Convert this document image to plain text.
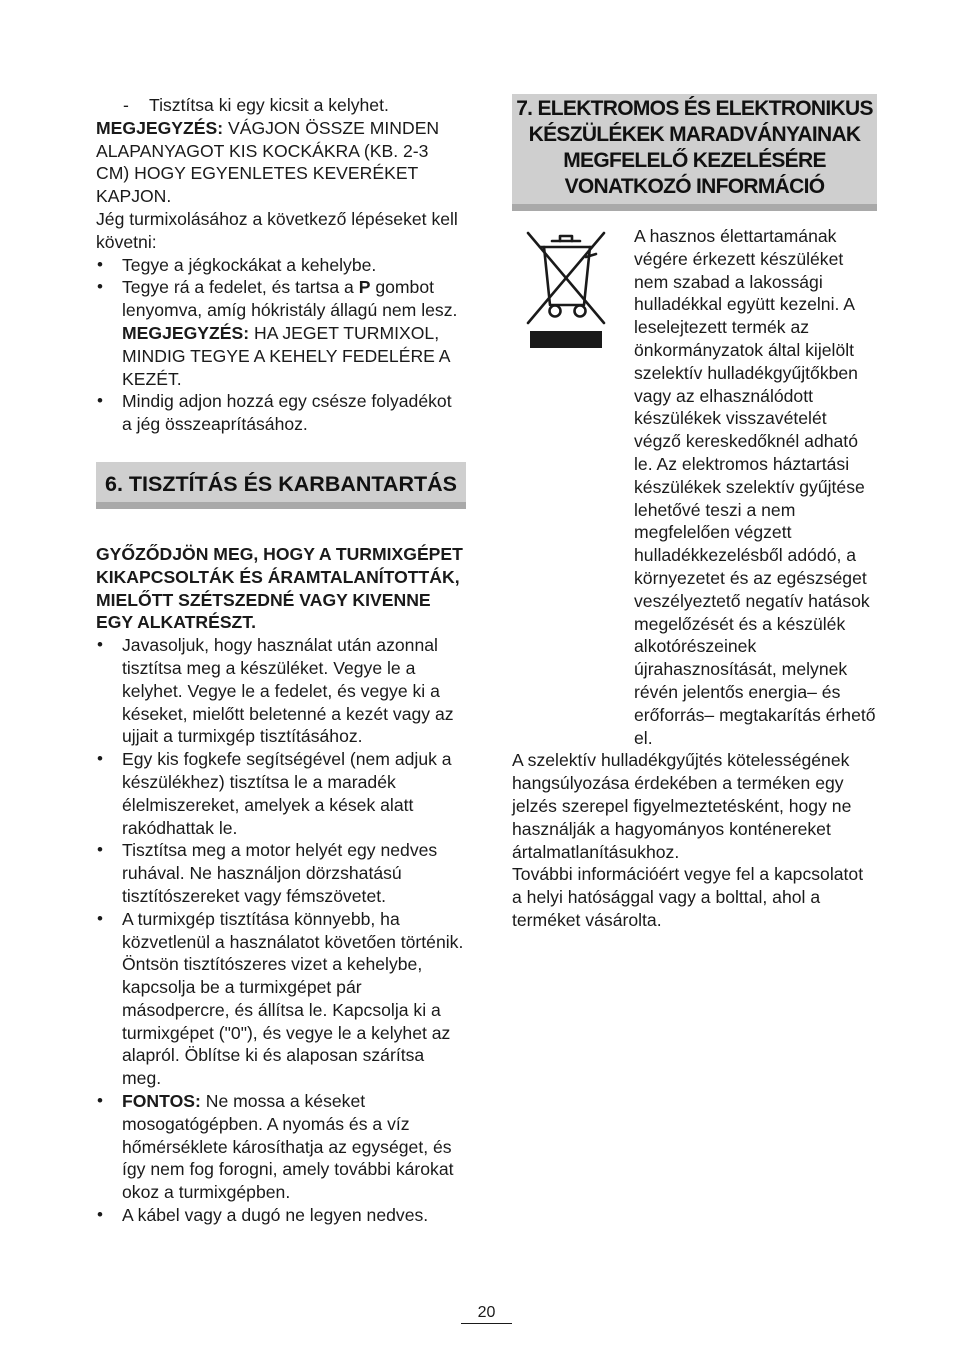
- Tisztítsa ki egy kicsit a kelyhet.

MEGJEGYZÉS: VÁGJON ÖSSZE MINDEN ALAPANYAGOT KIS KOCKÁKRA (KB. 2-3 CM) HOGY EGYENLETES KEVERÉKET KAPJON.

Jég turmixolásához a következő lépéseket kell követni:

• Tegye a jégkockákat a kehelybe.
• Tegye rá a fedelet, és tartsa a P gombot lenyomva, amíg hókristály állagú nem lesz.
MEGJEGYZÉS: HA JEGET TURMIXOL, MINDIG TEGYE A KEHELY FEDELÉRE A KEZÉT.
• Mindig adjon hozzá egy csésze folyadékot a jég összeaprításához.
6. TISZTÍTÁS ÉS KARBANTARTÁS

GYŐZŐDJÖN MEG, HOGY A TURMIXGÉPET KIKAPCSOLTÁK ÉS ÁRAMTALANÍTOTTÁK, MIELŐTT SZÉTSZEDNÉ VAGY KIVENNE EGY ALKATRÉSZT.

• Javasoljuk, hogy használat után azonnal tisztítsa meg a készüléket. Vegye le a kelyhet. Vegye le a fedelet, és vegye ki a késeket, mielőtt beletenné a kezét vagy az ujjait a turmixgép tisztításához.
• Egy kis fogkefe segítségével (nem adjuk a készülékhez) tisztítsa le a maradék élelmiszereket, amelyek a kések alatt rakódhattak le.
• Tisztítsa meg a motor helyét egy nedves ruhával. Ne használjon dörzshatású tisztítószereket vagy fémszövetet.
• A turmixgép tisztítása könnyebb, ha közvetlenül a használatot követően történik. Öntsön tisztítószeres vizet a kehelybe, kapcsolja be a turmixgépet pár másodpercre, és állítsa le. Kapcsolja ki a turmixgépet ("0"), és vegye le a kelyhet az alapról. Öblítse ki és alaposan szárítsa meg.
• FONTOS: Ne mossa a késeket mosogatógépben. A nyomás és a víz hőmérséklete károsíthatja az egységet, és így nem fog forogni, amely további károkat okoz a turmixgépben.
• A kábel vagy a dugó ne legyen nedves.
7. ELEKTROMOS ÉS ELEKTRONIKUS KÉSZÜLÉKEK MARADVÁNYAINAK MEGFELELŐ KEZELÉSÉRE VONATKOZÓ INFORMÁCIÓ

A hasznos élettartamának végére érkezett készüléket nem szabad a lakossági hulladékkal együtt kezelni. A leselejtezett termék az önkormányzatok által kijelölt szelektív hulladékgyűjtőkben vagy az elhasználódott készülékek visszavételét végző kereskedőknél adható le. Az elektromos háztartási készülékek szelektív gyűjtése lehetővé teszi a nem megfelelően végzett hulladékkezelésből adódó, a környezetet és az egészséget veszélyeztető negatív hatások megelőzését és a készülék alkotórészeinek újrahasznosítását, melynek révén jelentős energia– és erőforrás– megtakarítás érhető el.

A szelektív hulladékgyűjtés kötelességének hangsúlyozása érdekében a terméken egy jelzés szerepel figyelmeztetésként, hogy ne használják a hagyományos konténereket ártalmatlanításukhoz.

További információért vegye fel a kapcsolatot a helyi hatósággal vagy a bolttal, ahol a terméket vásárolta.

20
